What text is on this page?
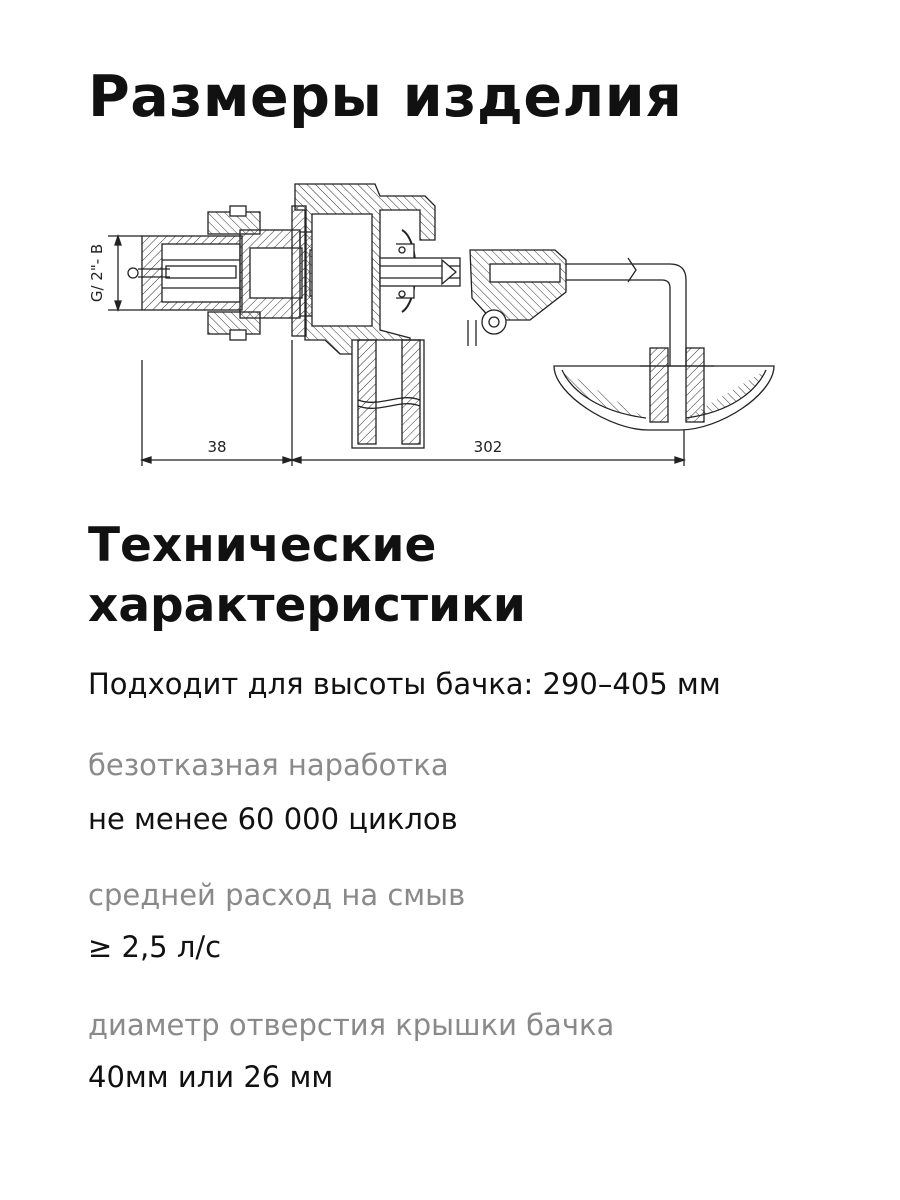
Размеры изделия
G/ 2"- B
38	302
Технические
характеристики
Подходит для высоты бачка: 290–405 мм
безотказная наработка
не менее 60 000 циклов
средней расход на смыв
≥ 2,5 л/с
диаметр отверстия крышки бачка
40мм или 26 мм
